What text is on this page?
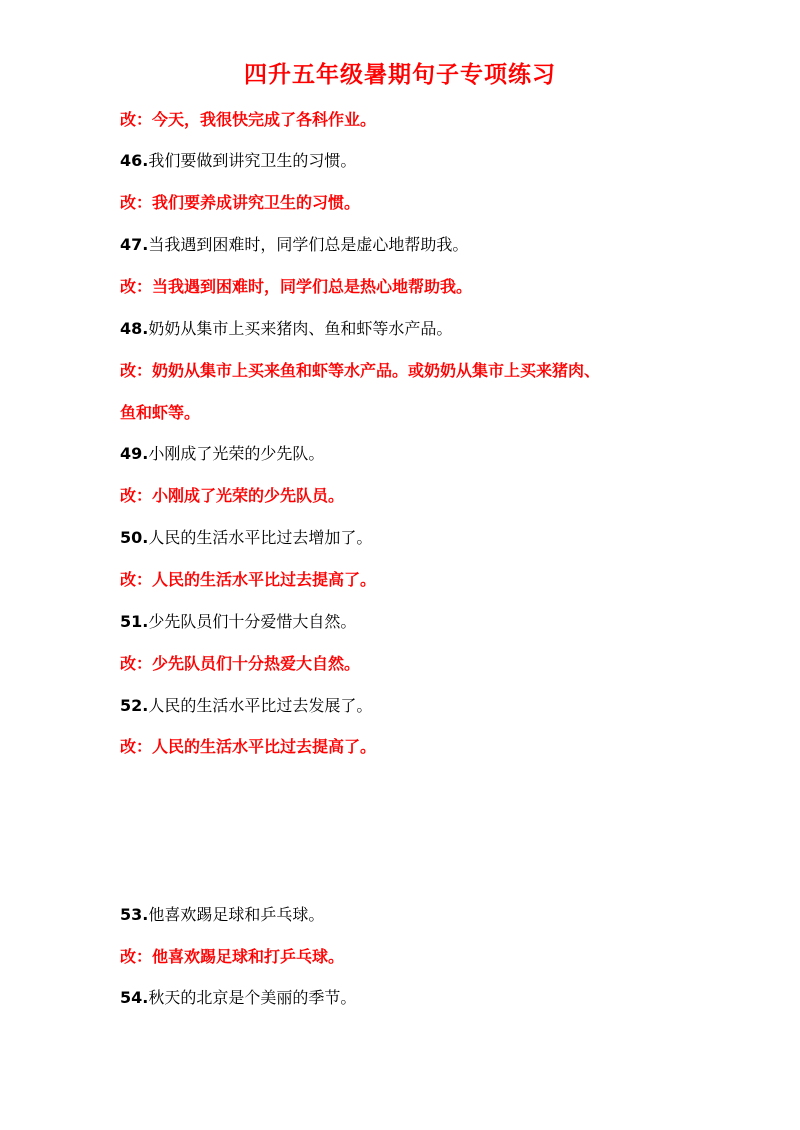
四升五年级暑期句子专项练习
改：今天，我很快完成了各科作业。
46.我们要做到讲究卫生的习惯。
改：我们要养成讲究卫生的习惯。
47.当我遇到困难时，同学们总是虚心地帮助我。
改：当我遇到困难时，同学们总是热心地帮助我。
48.奶奶从集市上买来猪肉、鱼和虾等水产品。
改：奶奶从集市上买来鱼和虾等水产品。或奶奶从集市上买来猪肉、
鱼和虾等。
49.小刚成了光荣的少先队。
改：小刚成了光荣的少先队员。
50.人民的生活水平比过去增加了。
改：人民的生活水平比过去提高了。
51.少先队员们十分爱惜大自然。
改：少先队员们十分热爱大自然。
52.人民的生活水平比过去发展了。
改：人民的生活水平比过去提高了。
53.他喜欢踢足球和乒乓球。
改：他喜欢踢足球和打乒乓球。
54.秋天的北京是个美丽的季节。
